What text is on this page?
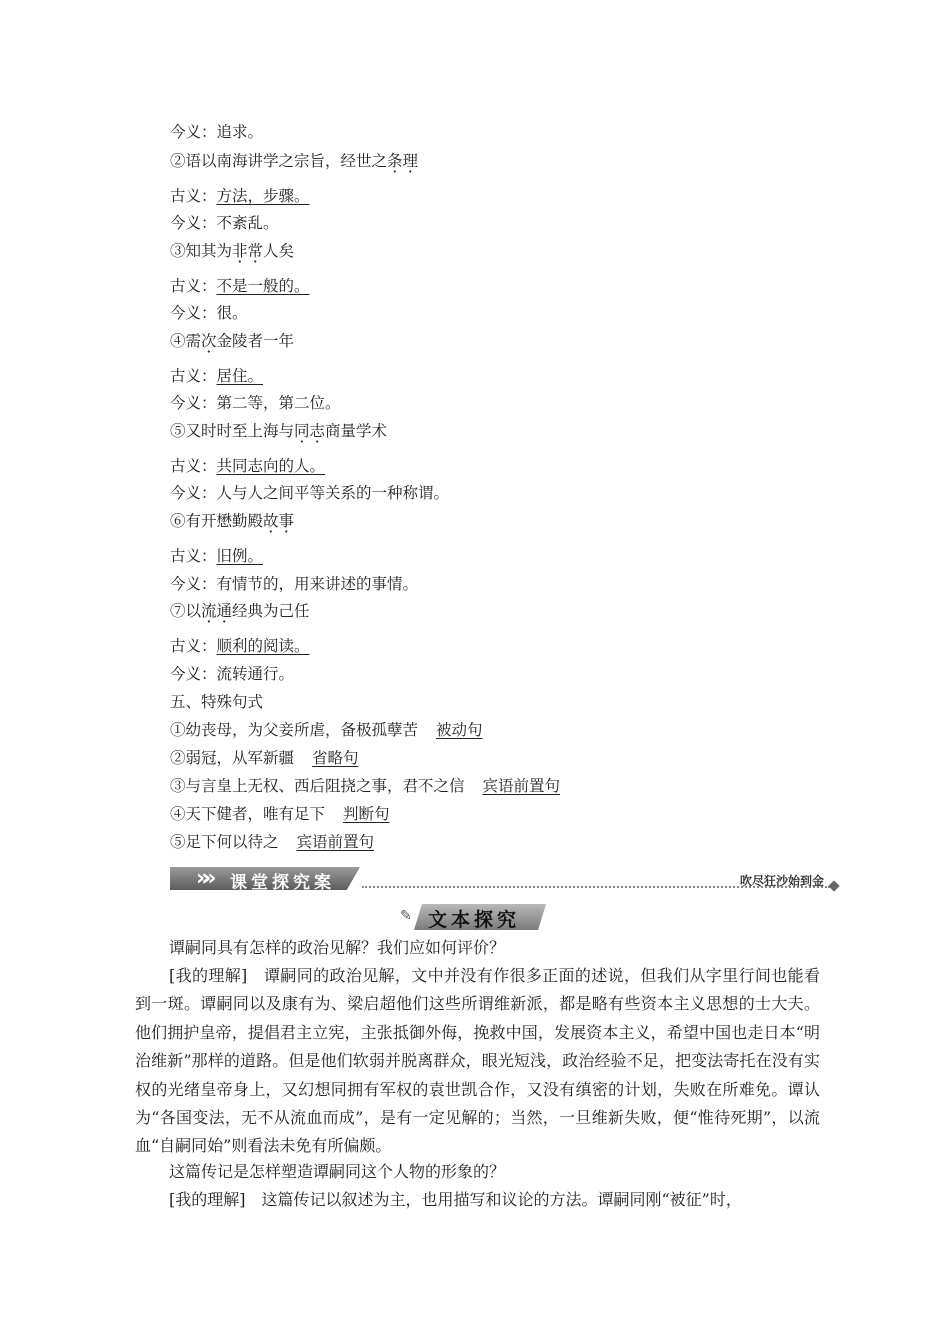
今义：追求。
②语以南海讲学之宗旨，经世之条理
古义：方法，步骤。
今义：不紊乱。
③知其为非常人矣
古义：不是一般的。
今义：很。
④需次金陵者一年
古义：居住。
今义：第二等，第二位。
⑤又时时至上海与同志商量学术
古义：共同志向的人。
今义：人与人之间平等关系的一种称谓。
⑥有开懋勤殿故事
古义：旧例。
今义：有情节的，用来讲述的事情。
⑦以流通经典为己任
古义：顺利的阅读。
今义：流转通行。
五、特殊句式
①幼丧母，为父妾所虐，备极孤孽苦 被动句
②弱冠，从军新疆 省略句
③与言皇上无权、西后阻挠之事，君不之信 宾语前置句
④天下健者，唯有足下 判断句
⑤足下何以待之 宾语前置句
»» 课堂探究案	吹尽狂沙始到金
✎ 文本探究
谭嗣同具有怎样的政治见解？我们应如何评价？
[我的理解]　谭嗣同的政治见解，文中并没有作很多正面的述说，但我们从字里行间也能看到一斑。谭嗣同以及康有为、梁启超他们这些所谓维新派，都是略有些资本主义思想的士大夫。他们拥护皇帝，提倡君主立宪，主张抵御外侮，挽救中国，发展资本主义，希望中国也走日本“明治维新”那样的道路。但是他们软弱并脱离群众，眼光短浅，政治经验不足，把变法寄托在没有实权的光绪皇帝身上，又幻想同拥有军权的袁世凯合作，又没有缜密的计划，失败在所难免。谭认为“各国变法，无不从流血而成”，是有一定见解的；当然，一旦维新失败，便“惟待死期”，以流血“自嗣同始”则看法未免有所偏颇。
这篇传记是怎样塑造谭嗣同这个人物的形象的？
[我的理解]　这篇传记以叙述为主，也用描写和议论的方法。谭嗣同刚“被征”时，
